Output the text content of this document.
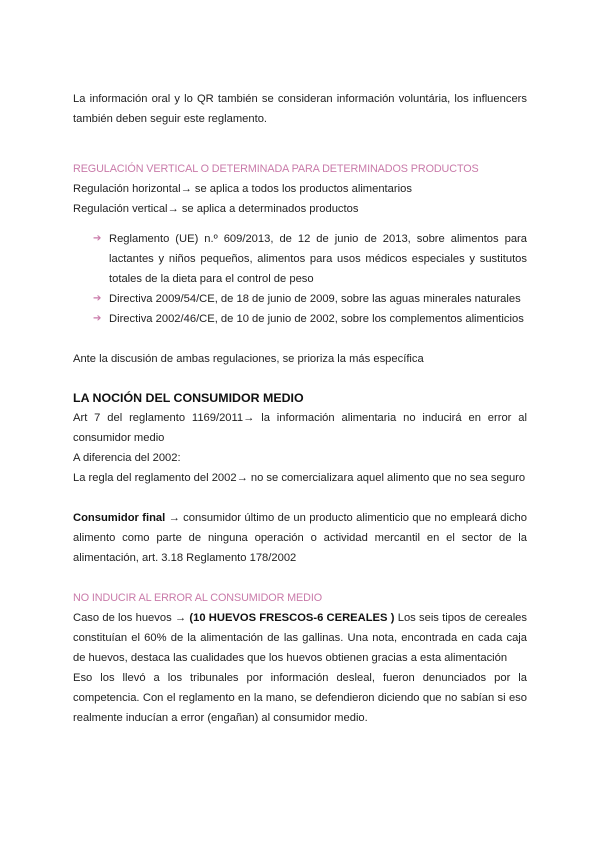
La información oral y lo QR también se consideran información voluntária, los influencers también deben seguir este reglamento.

REGULACIÓN VERTICAL O DETERMINADA PARA DETERMINADOS PRODUCTOS

Regulación horizontal→ se aplica a todos los productos alimentarios

Regulación vertical→ se aplica a determinados productos

➔ Reglamento (UE) n.º 609/2013, de 12 de junio de 2013, sobre alimentos para lactantes y niños pequeños, alimentos para usos médicos especiales y sustitutos totales de la dieta para el control de peso
➔ Directiva 2009/54/CE, de 18 de junio de 2009, sobre las aguas minerales naturales
➔ Directiva 2002/46/CE, de 10 de junio de 2002, sobre los complementos alimenticios

Ante la discusión de ambas regulaciones, se prioriza la más específica

LA NOCIÓN DEL CONSUMIDOR MEDIO

Art 7 del reglamento 1169/2011→ la información alimentaria no inducirá en error al consumidor medio

A diferencia del 2002:

La regla del reglamento del 2002→ no se comercializara aquel alimento que no sea seguro

Consumidor final → consumidor último de un producto alimenticio que no empleará dicho alimento como parte de ninguna operación o actividad mercantil en el sector de la alimentación, art. 3.18 Reglamento 178/2002

NO INDUCIR AL ERROR AL CONSUMIDOR MEDIO

Caso de los huevos → (10 HUEVOS FRESCOS-6 CEREALES ) Los seis tipos de cereales constituían el 60% de la alimentación de las gallinas. Una nota, encontrada en cada caja de huevos, destaca las cualidades que los huevos obtienen gracias a esta alimentación

Eso los llevó a los tribunales por información desleal, fueron denunciados por la competencia. Con el reglamento en la mano, se defendieron diciendo que no sabían si eso realmente inducían a error (engañan) al consumidor medio.
